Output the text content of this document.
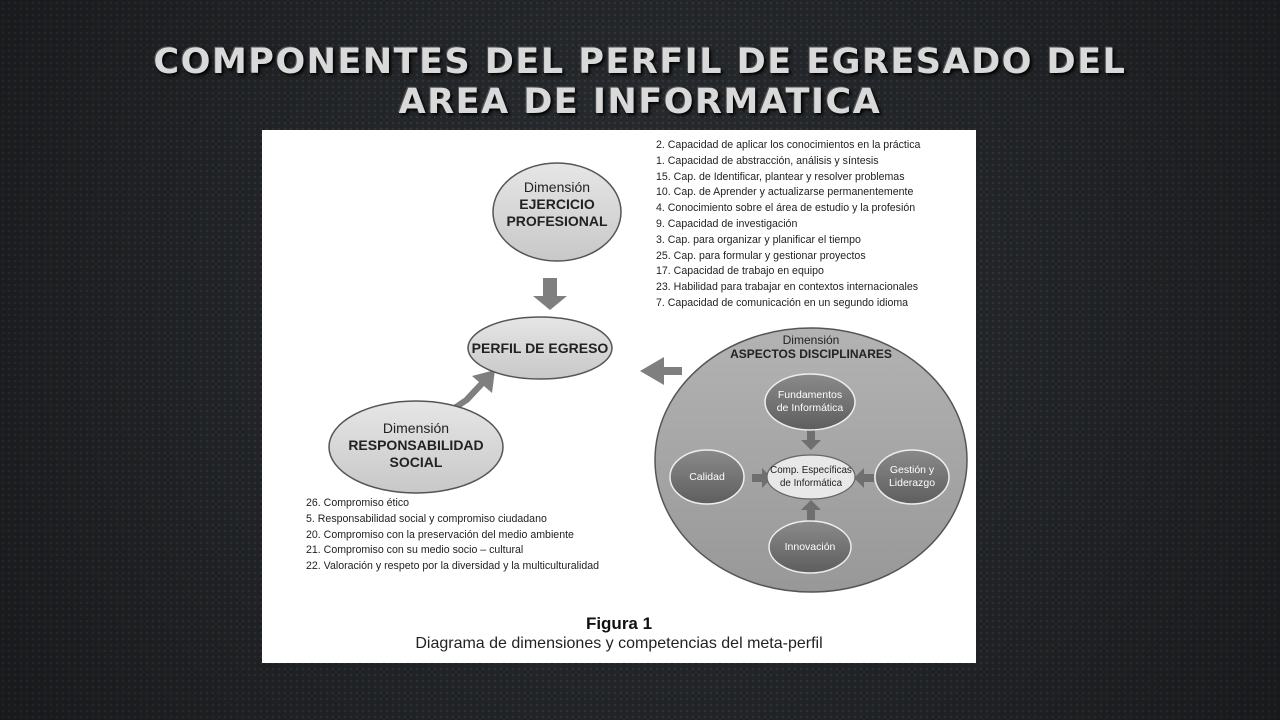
COMPONENTES DEL PERFIL DE EGRESADO DEL AREA DE INFORMATICA
Dimensión
EJERCICIO
PROFESIONAL
PERFIL DE EGRESO
Dimensión
RESPONSABILIDAD
SOCIAL
Dimensión
ASPECTOS DISCIPLINARES
Fundamentos
de Informática
Comp. Específicas
de Informática
Calidad
Gestión y
Liderazgo
Innovación
2. Capacidad de aplicar los conocimientos en la práctica
1. Capacidad de abstracción, análisis y síntesis
15. Cap. de Identificar, plantear y resolver problemas
10. Cap. de Aprender y actualizarse permanentemente
4. Conocimiento sobre el área de estudio y la profesión
9. Capacidad de investigación
3. Cap. para organizar y planificar el tiempo
25. Cap. para formular y gestionar proyectos
17. Capacidad de trabajo en equipo
23. Habilidad para trabajar en contextos internacionales
7. Capacidad de comunicación en un segundo idioma
26. Compromiso ético
5. Responsabilidad social y compromiso ciudadano
20. Compromiso con la preservación del medio ambiente
21. Compromiso con su medio socio – cultural
22. Valoración y respeto por la diversidad y la multiculturalidad
Figura 1
Diagrama de dimensiones y competencias del meta-perfil
